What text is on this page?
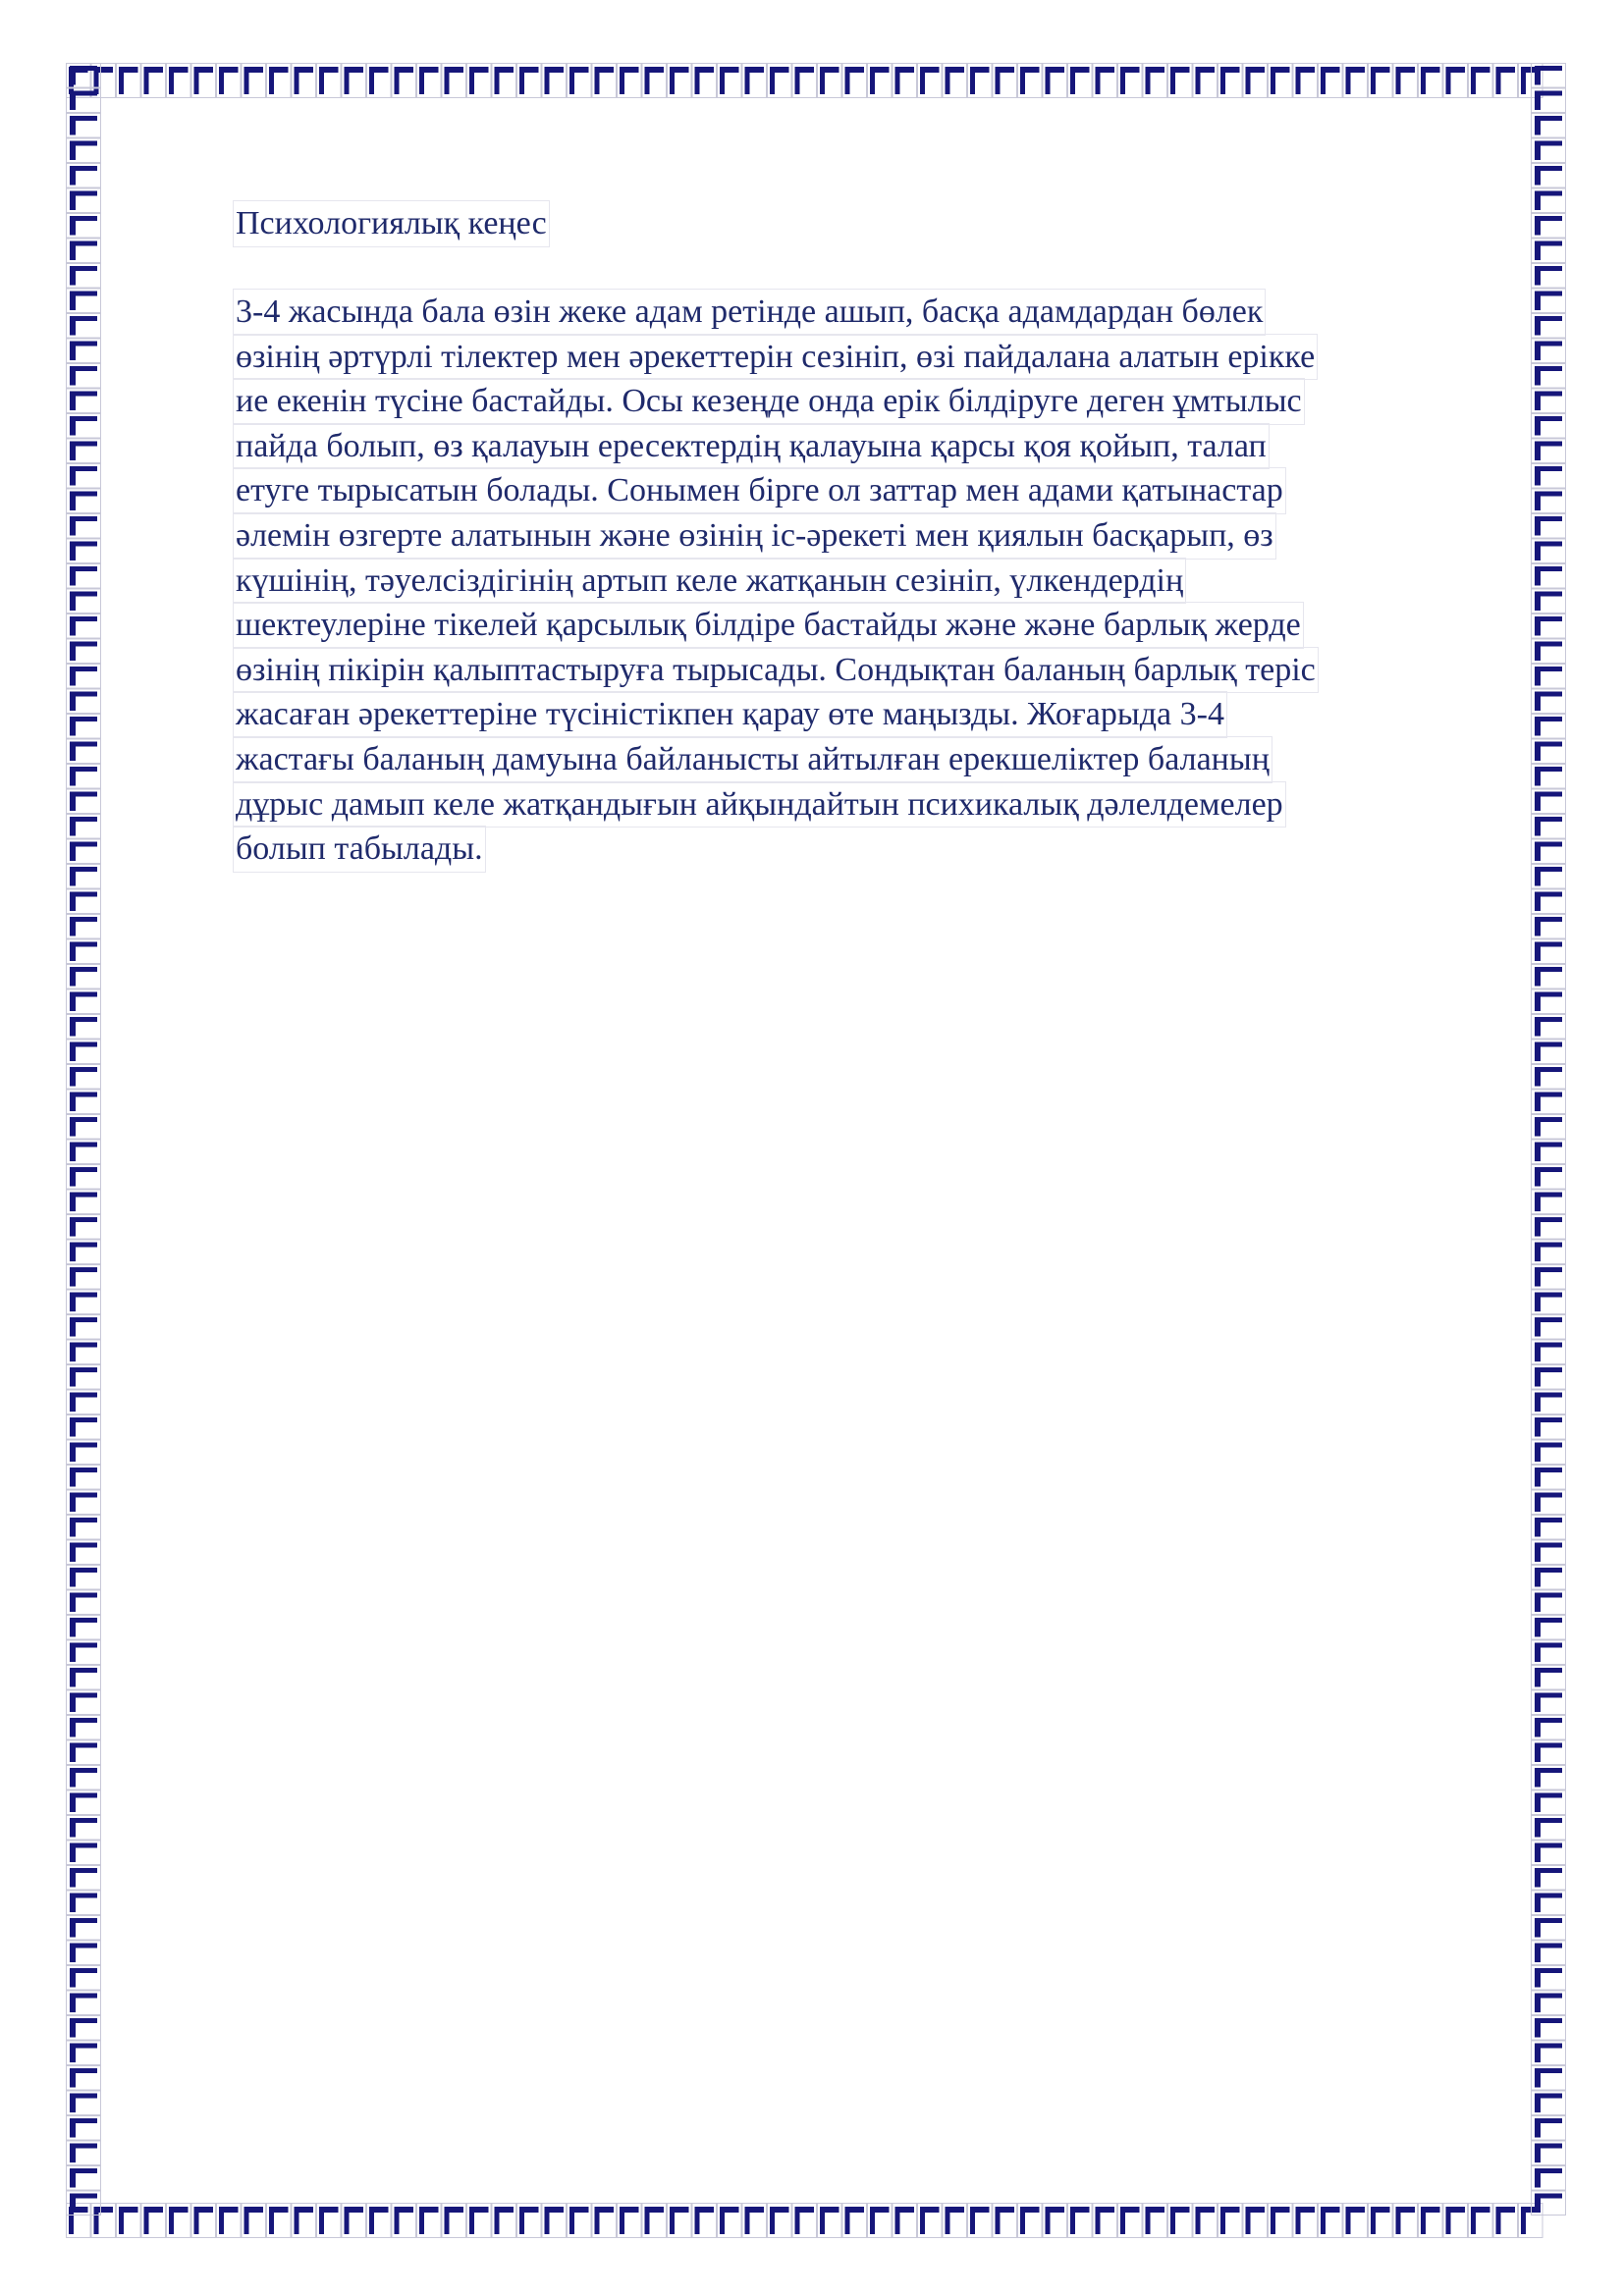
Психологиялық кеңес
3-4 жасында бала өзін жеке адам ретінде ашып, басқа адамдардан бөлек
өзінің әртүрлі тілектер мен әрекеттерін сезініп, өзі пайдалана алатын ерікке
ие екенін түсіне бастайды. Осы кезеңде онда ерік білдіруге деген ұмтылыс
пайда болып, өз қалауын ересектердің қалауына қарсы қоя қойып, талап
етуге тырысатын болады. Сонымен бірге ол заттар мен адами қатынастар
әлемін өзгерте алатынын және өзінің іс-әрекеті мен қиялын басқарып, өз
күшінің, тәуелсіздігінің артып келе жатқанын сезініп, үлкендердің
шектеулеріне тікелей қарсылық білдіре бастайды және және барлық жерде
өзінің пікірін қалыптастыруға тырысады. Сондықтан баланың барлық теріс
жасаған әрекеттеріне түсіністікпен қарау өте маңызды. Жоғарыда 3-4
жастағы баланың дамуына байланысты айтылған ерекшеліктер баланың
дұрыс дамып келе жатқандығын айқындайтын психикалық дәлелдемелер
болып табылады.
